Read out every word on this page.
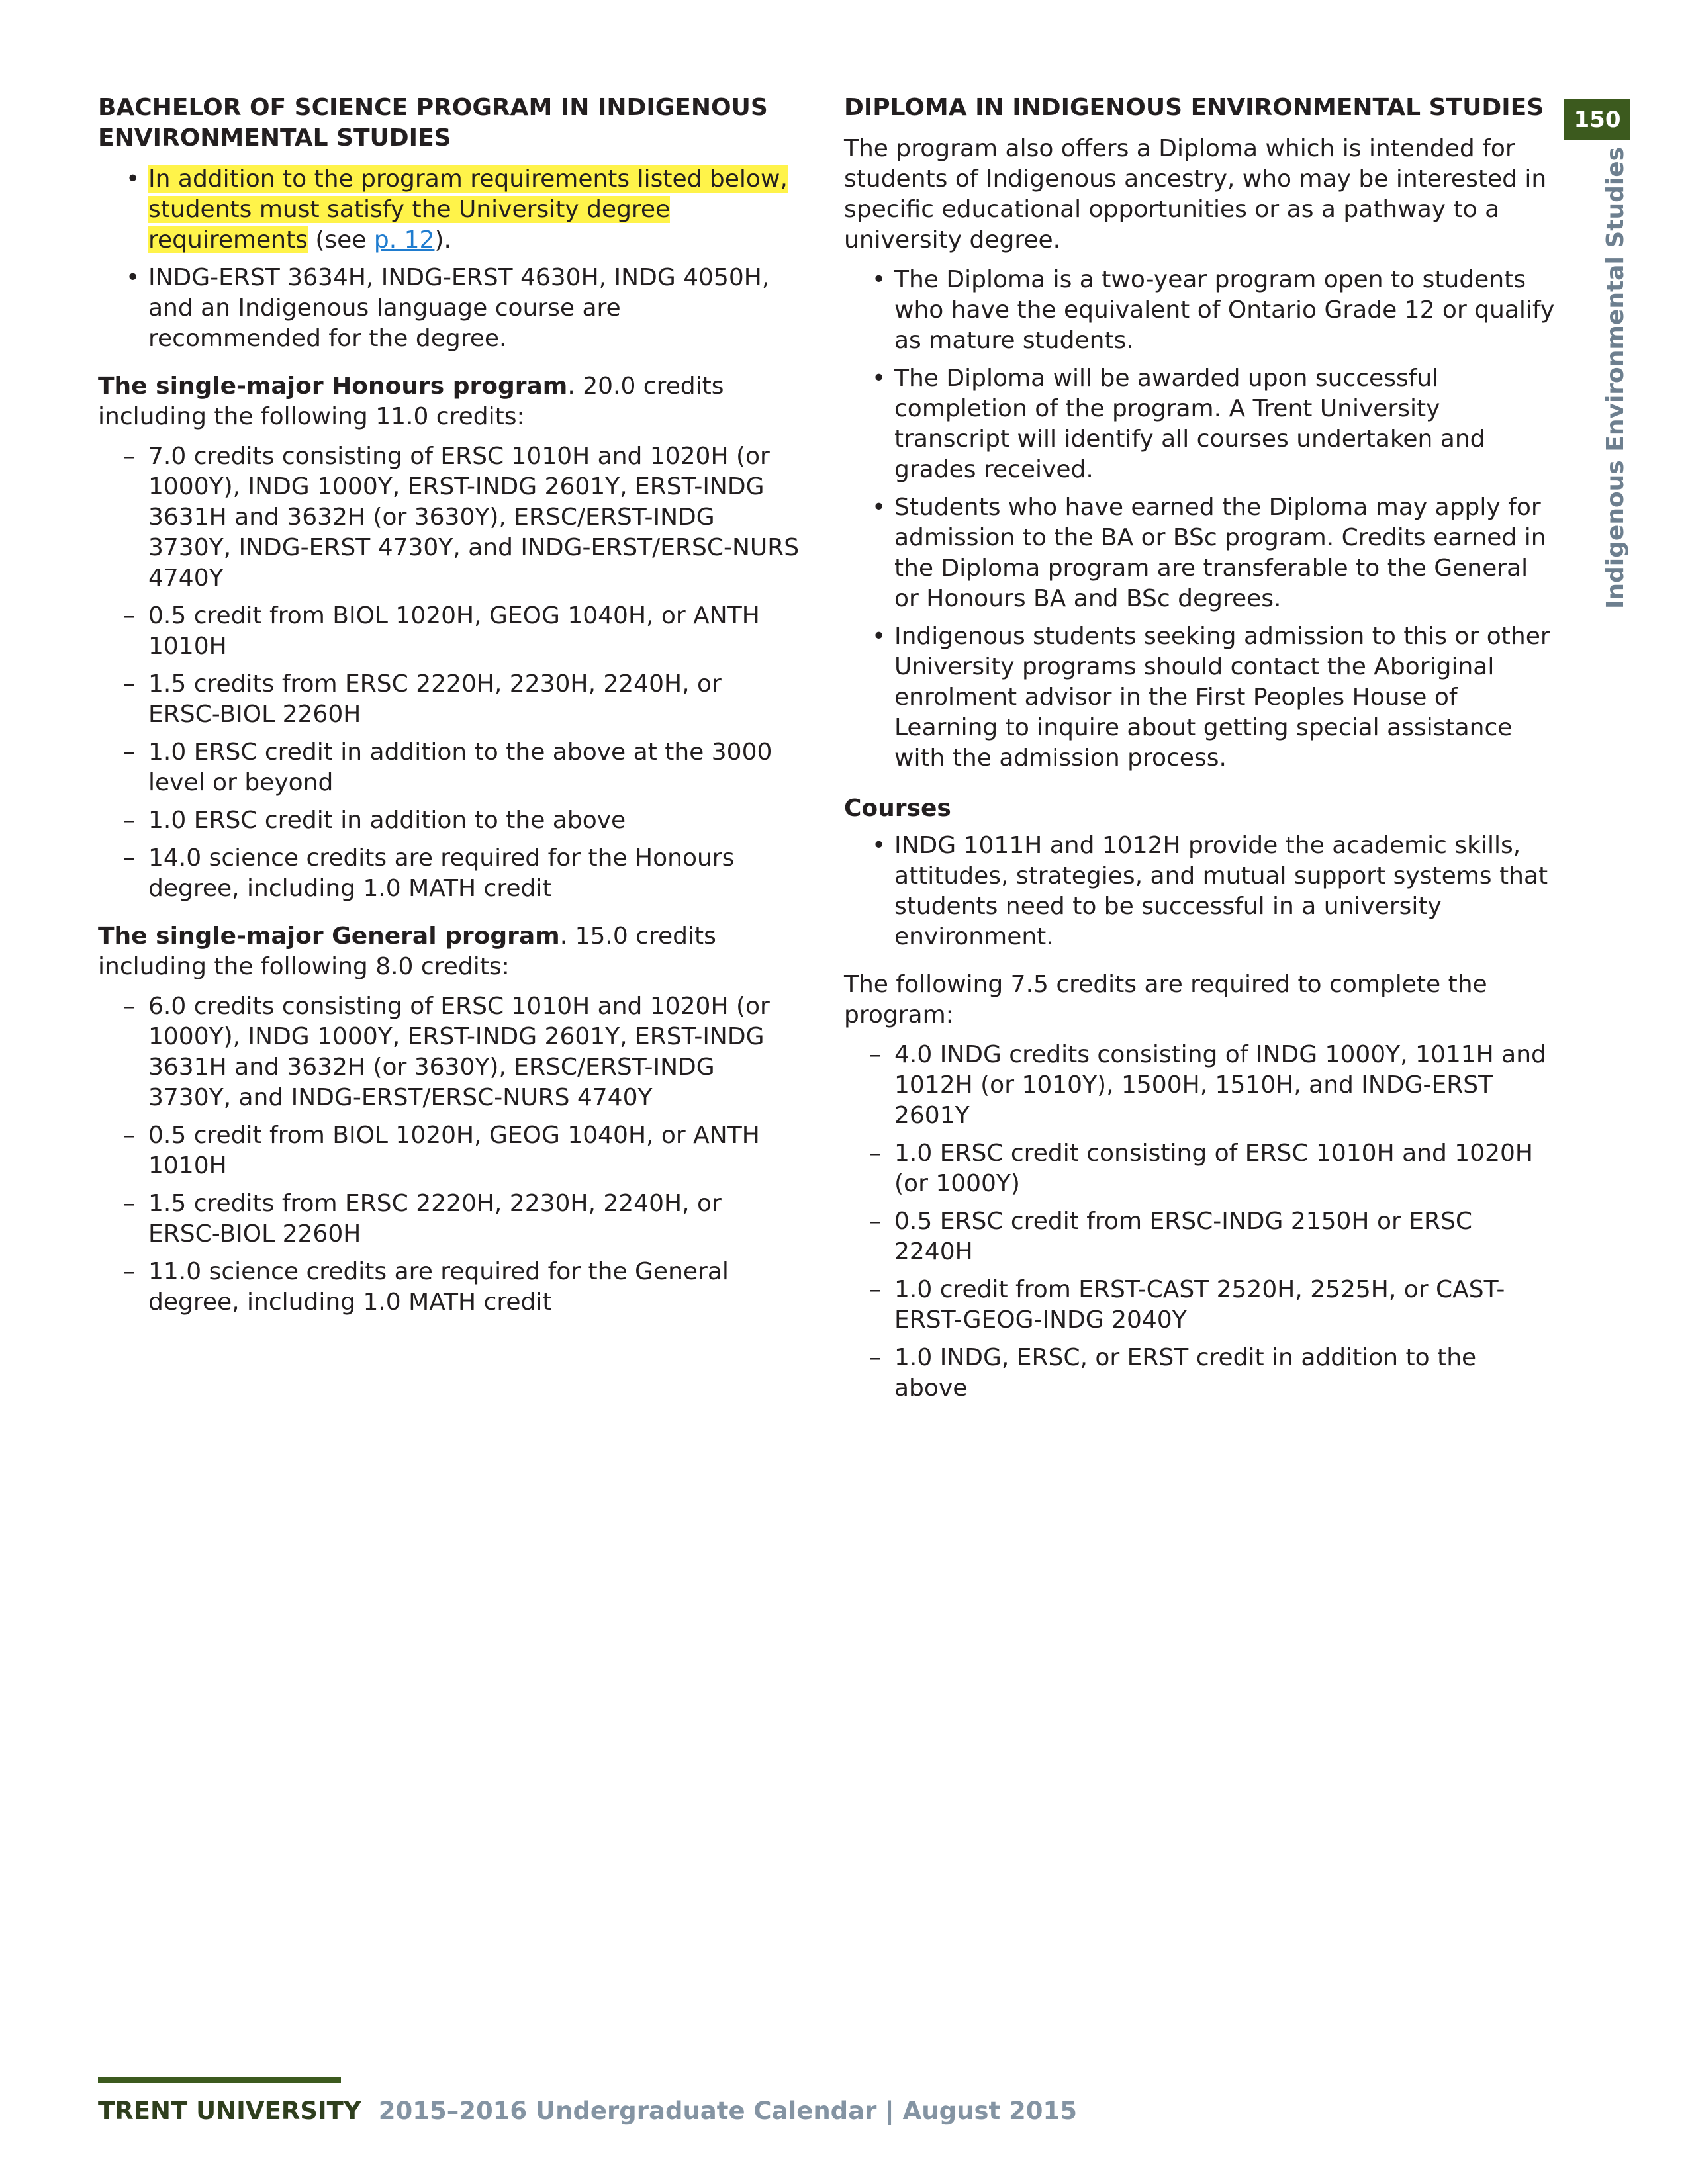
BACHELOR OF SCIENCE PROGRAM IN INDIGENOUS ENVIRONMENTAL STUDIES
• In addition to the program requirements listed below, students must satisfy the University degree requirements (see p. 12).
• INDG-ERST 3634H, INDG-ERST 4630H, INDG 4050H, and an Indigenous language course are recommended for the degree.

The single-major Honours program. 20.0 credits including the following 11.0 credits:

– 7.0 credits consisting of ERSC 1010H and 1020H (or 1000Y), INDG 1000Y, ERST-INDG 2601Y, ERST-INDG 3631H and 3632H (or 3630Y), ERSC/ERST-INDG 3730Y, INDG-ERST 4730Y, and INDG-ERST/ERSC-NURS 4740Y
– 0.5 credit from BIOL 1020H, GEOG 1040H, or ANTH 1010H
– 1.5 credits from ERSC 2220H, 2230H, 2240H, or ERSC-BIOL 2260H
– 1.0 ERSC credit in addition to the above at the 3000 level or beyond
– 1.0 ERSC credit in addition to the above
– 14.0 science credits are required for the Honours degree, including 1.0 MATH credit

The single-major General program. 15.0 credits including the following 8.0 credits:

– 6.0 credits consisting of ERSC 1010H and 1020H (or 1000Y), INDG 1000Y, ERST-INDG 2601Y, ERST-INDG 3631H and 3632H (or 3630Y), ERSC/ERST-INDG 3730Y, and INDG-ERST/ERSC-NURS 4740Y
– 0.5 credit from BIOL 1020H, GEOG 1040H, or ANTH 1010H
– 1.5 credits from ERSC 2220H, 2230H, 2240H, or ERSC-BIOL 2260H
– 11.0 science credits are required for the General degree, including 1.0 MATH credit
DIPLOMA IN INDIGENOUS ENVIRONMENTAL STUDIES

The program also offers a Diploma which is intended for students of Indigenous ancestry, who may be interested in specific educational opportunities or as a pathway to a university degree.

• The Diploma is a two-year program open to students who have the equivalent of Ontario Grade 12 or qualify as mature students.
• The Diploma will be awarded upon successful completion of the program. A Trent University transcript will identify all courses undertaken and grades received.
• Students who have earned the Diploma may apply for admission to the BA or BSc program. Credits earned in the Diploma program are transferable to the General or Honours BA and BSc degrees.
• Indigenous students seeking admission to this or other University programs should contact the Aboriginal enrolment advisor in the First Peoples House of Learning to inquire about getting special assistance with the admission process.
Courses
• INDG 1011H and 1012H provide the academic skills, attitudes, strategies, and mutual support systems that students need to be successful in a university environment.

The following 7.5 credits are required to complete the program:

– 4.0 INDG credits consisting of INDG 1000Y, 1011H and 1012H (or 1010Y), 1500H, 1510H, and INDG-ERST 2601Y
– 1.0 ERSC credit consisting of ERSC 1010H and 1020H (or 1000Y)
– 0.5 ERSC credit from ERSC-INDG 2150H or ERSC 2240H
– 1.0 credit from ERST-CAST 2520H, 2525H, or CAST-ERST-GEOG-INDG 2040Y
– 1.0 INDG, ERSC, or ERST credit in addition to the above
150
Indigenous Environmental Studies
TRENT UNIVERSITY 2015–2016 Undergraduate Calendar | August 2015
